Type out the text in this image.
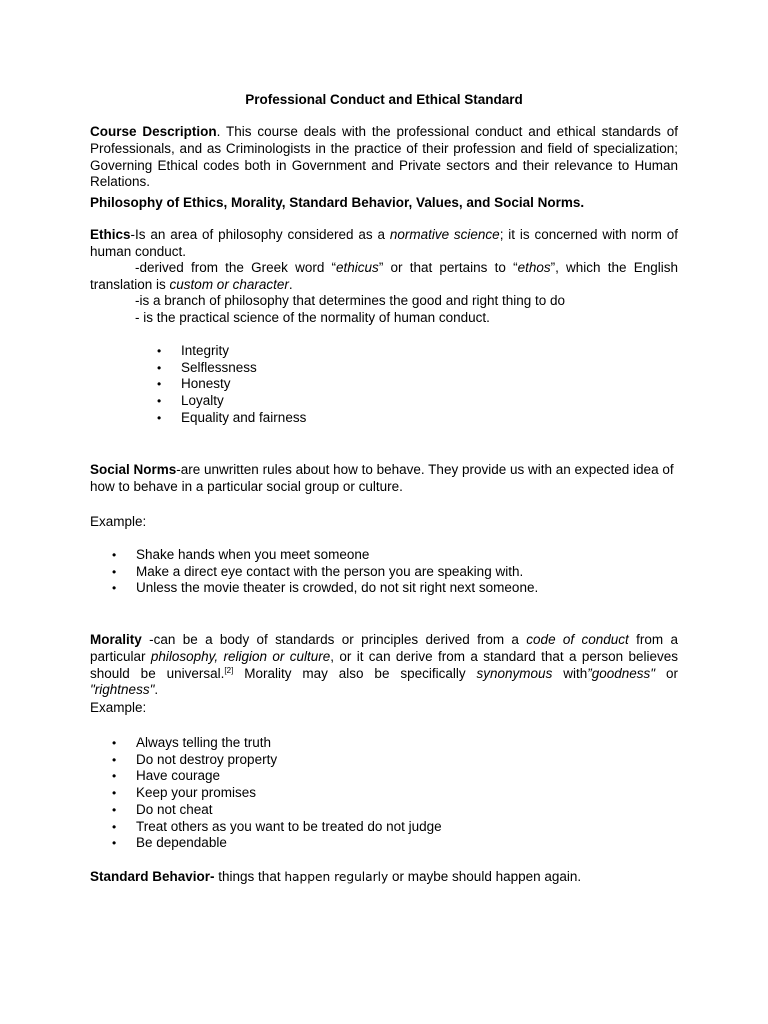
Professional Conduct and Ethical Standard
Course Description. This course deals with the professional conduct and ethical standards of Professionals, and as Criminologists in the practice of their profession and field of specialization; Governing Ethical codes both in Government and Private sectors and their relevance to Human Relations.
Philosophy of Ethics, Morality, Standard Behavior, Values, and Social Norms.
Ethics-Is an area of philosophy considered as a normative science; it is concerned with norm of human conduct.
-derived from the Greek word “ethicus” or that pertains to “ethos”, which the English translation is custom or character.
-is a branch of philosophy that determines the good and right thing to do
- is the practical science of the normality of human conduct.
• Integrity
• Selflessness
• Honesty
• Loyalty
• Equality and fairness
Social Norms-are unwritten rules about how to behave. They provide us with an expected idea of how to behave in a particular social group or culture.
Example:
• Shake hands when you meet someone
• Make a direct eye contact with the person you are speaking with.
• Unless the movie theater is crowded, do not sit right next someone.
Morality -can be a body of standards or principles derived from a code of conduct from a particular philosophy, religion or culture, or it can derive from a standard that a person believes should be universal.[2] Morality may also be specifically synonymous with”goodness" or "rightness".
Example:
• Always telling the truth
• Do not destroy property
• Have courage
• Keep your promises
• Do not cheat
• Treat others as you want to be treated do not judge
• Be dependable
Standard Behavior- things that happen regularly or maybe should happen again.
